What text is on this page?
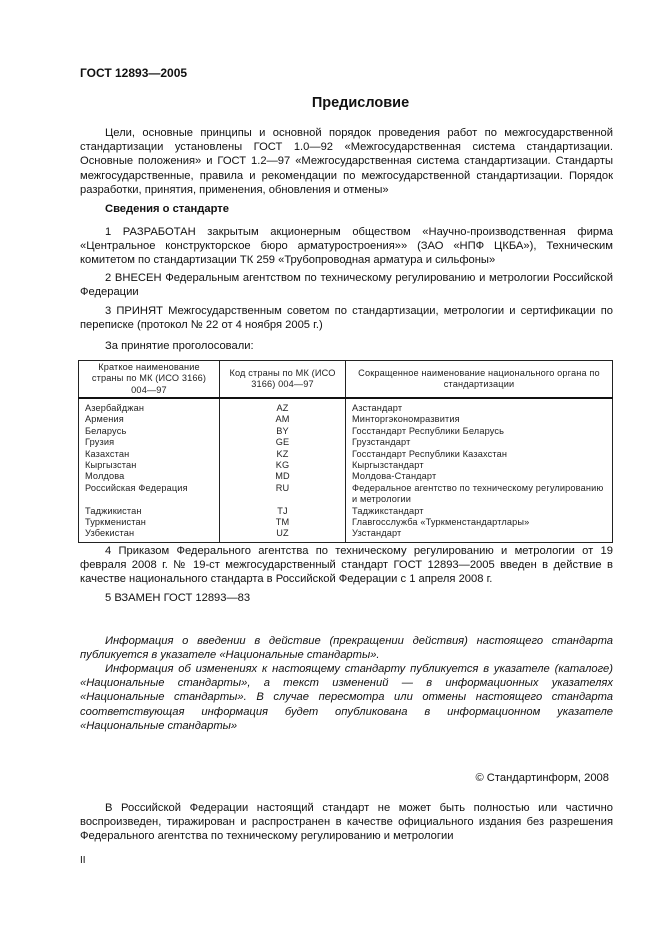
ГОСТ 12893—2005
Предисловие
Цели, основные принципы и основной порядок проведения работ по межгосударственной стандартизации установлены ГОСТ 1.0—92 «Межгосударственная система стандартизации. Основные положения» и ГОСТ 1.2—97 «Межгосударственная система стандартизации. Стандарты межгосударственные, правила и рекомендации по межгосударственной стандартизации. Порядок разработки, принятия, применения, обновления и отмены»
Сведения о стандарте
1 РАЗРАБОТАН закрытым акционерным обществом «Научно-производственная фирма «Центральное конструкторское бюро арматуростроения»» (ЗАО «НПФ ЦКБА»), Техническим комитетом по стандартизации ТК 259 «Трубопроводная арматура и сильфоны»
2 ВНЕСЕН Федеральным агентством по техническому регулированию и метрологии Российской Федерации
3 ПРИНЯТ Межгосударственным советом по стандартизации, метрологии и сертификации по переписке (протокол № 22 от 4 ноября 2005 г.)
За принятие проголосовали:
Краткое наименование страны по МК (ИСО 3166) 004—97	Код страны по МК (ИСО 3166) 004—97	Сокращенное наименование национального органа по стандартизации
Азербайджан	AZ	Азстандарт
Армения	AM	Минторгэкономразвития
Беларусь	BY	Госстандарт Республики Беларусь
Грузия	GE	Грузстандарт
Казахстан	KZ	Госстандарт Республики Казахстан
Кыргызстан	KG	Кыргызстандарт
Молдова	MD	Молдова-Стандарт
Российская Федерация	RU	Федеральное агентство по техническому регулированию и метрологии
Таджикистан	TJ	Таджикстандарт
Туркменистан	TM	Главгосслужба «Туркменстандартлары»
Узбекистан	UZ	Узстандарт
4 Приказом Федерального агентства по техническому регулированию и метрологии от 19 февраля 2008 г. № 19-ст межгосударственный стандарт ГОСТ 12893—2005 введен в действие в качестве национального стандарта в Российской Федерации с 1 апреля 2008 г.
5 ВЗАМЕН ГОСТ 12893—83
Информация о введении в действие (прекращении действия) настоящего стандарта публикуется в указателе «Национальные стандарты».
Информация об изменениях к настоящему стандарту публикуется в указателе (каталоге) «Национальные стандарты», а текст изменений — в информационных указателях «Национальные стандарты». В случае пересмотра или отмены настоящего стандарта соответствующая информация будет опубликована в информационном указателе «Национальные стандарты»
© Стандартинформ, 2008
В Российской Федерации настоящий стандарт не может быть полностью или частично воспроизведен, тиражирован и распространен в качестве официального издания без разрешения Федерального агентства по техническому регулированию и метрологии
II
